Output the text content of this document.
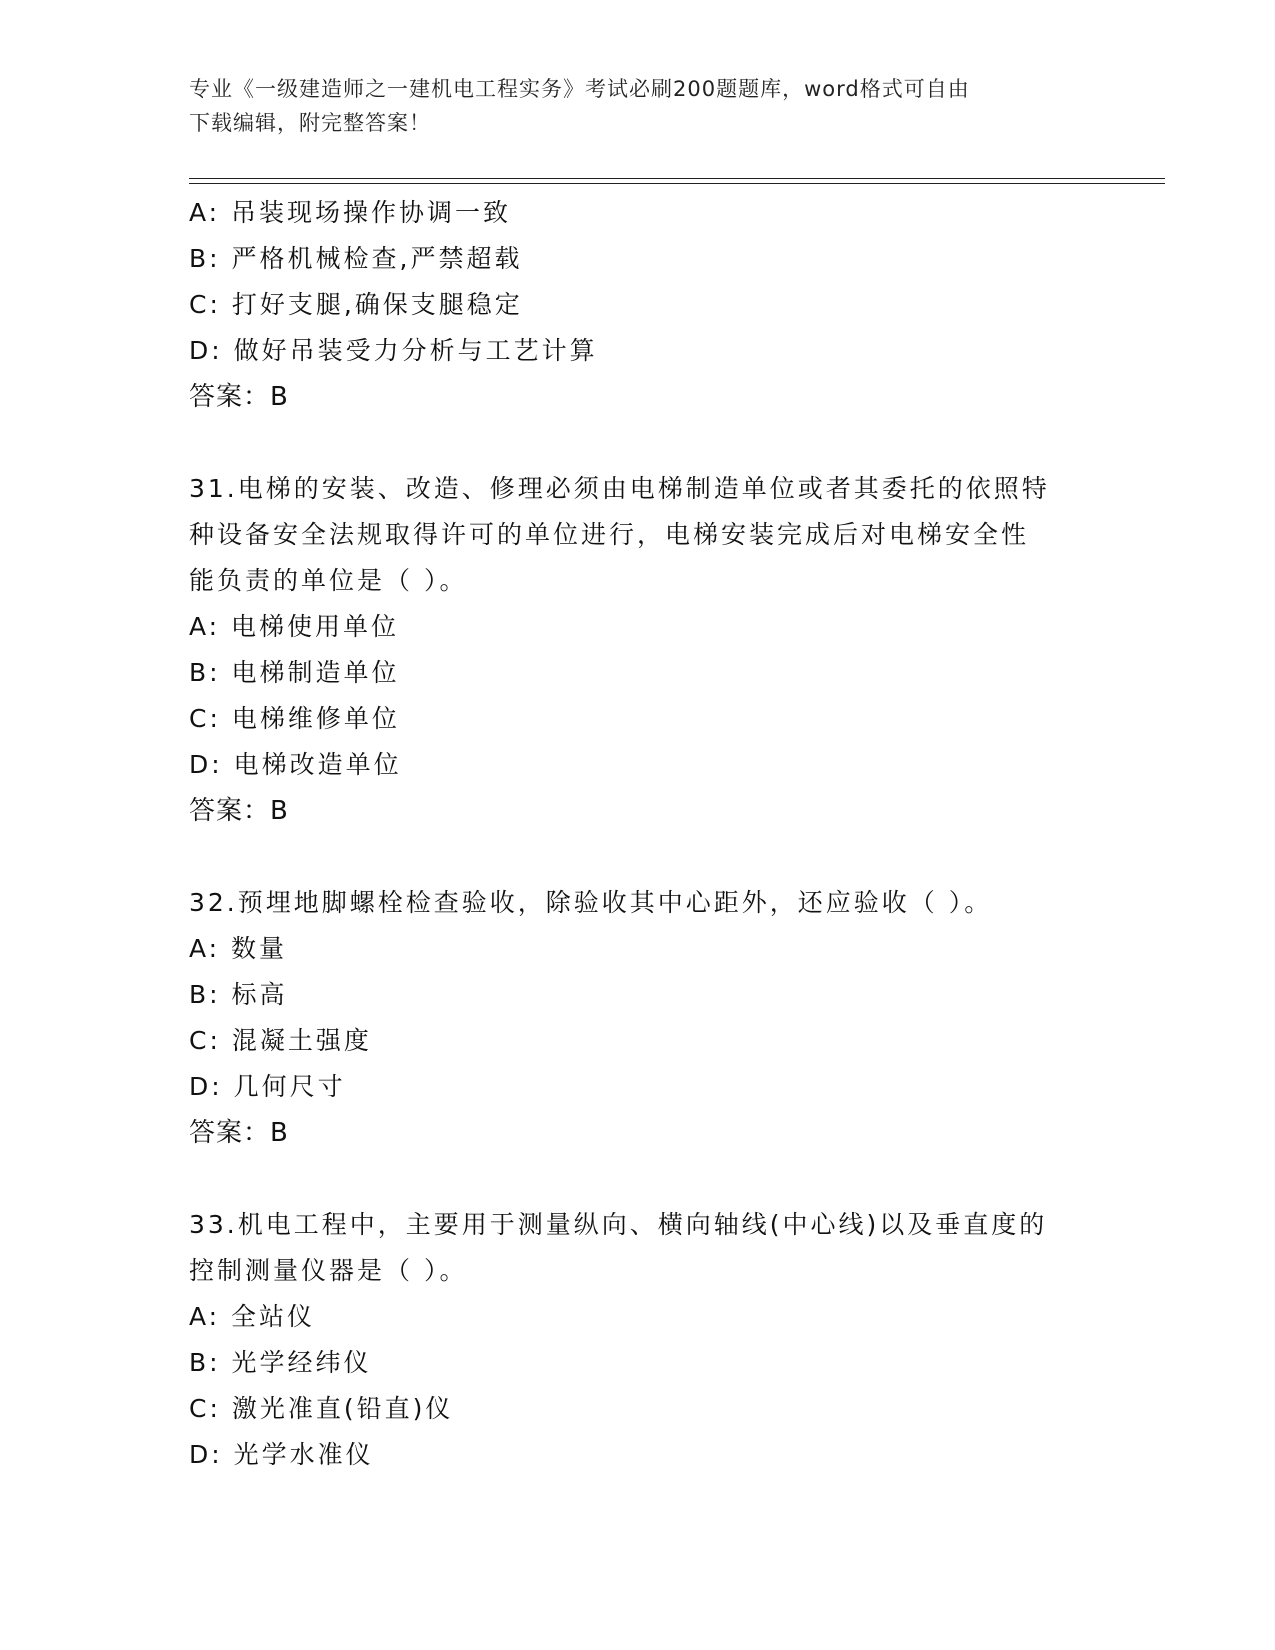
专业《一级建造师之一建机电工程实务》考试必刷200题题库，word格式可自由
下载编辑，附完整答案！
A: 吊装现场操作协调一致
B: 严格机械检查,严禁超载
C: 打好支腿,确保支腿稳定
D: 做好吊装受力分析与工艺计算
答案：B
31.电梯的安装、改造、修理必须由电梯制造单位或者其委托的依照特
种设备安全法规取得许可的单位进行，电梯安装完成后对电梯安全性
能负责的单位是（ ）。
A: 电梯使用单位
B: 电梯制造单位
C: 电梯维修单位
D: 电梯改造单位
答案：B
32.预埋地脚螺栓检查验收，除验收其中心距外，还应验收（ ）。
A: 数量
B: 标高
C: 混凝土强度
D: 几何尺寸
答案：B
33.机电工程中，主要用于测量纵向、横向轴线(中心线)以及垂直度的
控制测量仪器是（ ）。
A: 全站仪
B: 光学经纬仪
C: 激光准直(铅直)仪
D: 光学水准仪
